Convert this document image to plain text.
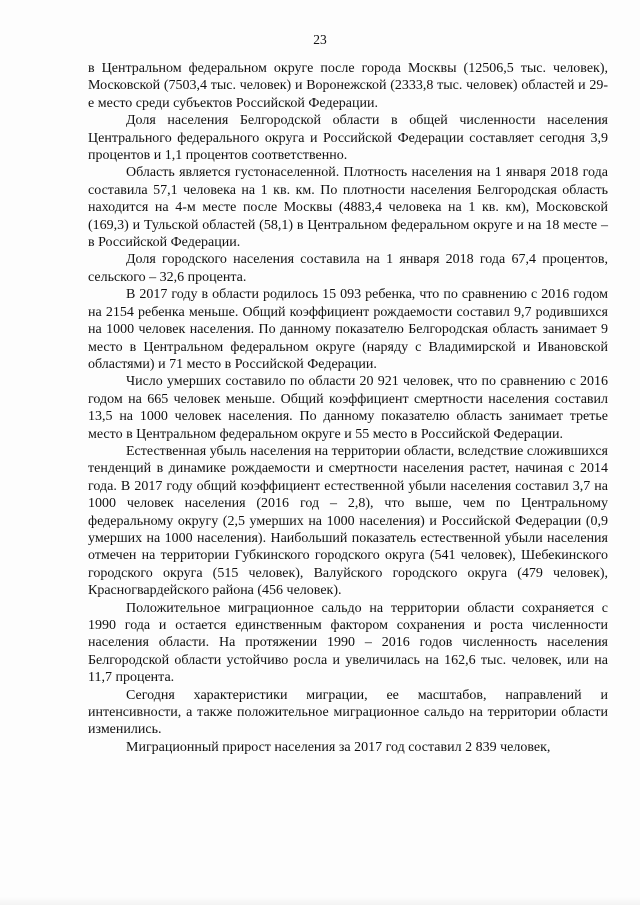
23

в Центральном федеральном округе после города Москвы (12506,5 тыс. человек), Московской (7503,4 тыс. человек) и Воронежской (2333,8 тыс. человек) областей и 29-е место среди субъектов Российской Федерации.

Доля населения Белгородской области в общей численности населения Центрального федерального округа и Российской Федерации составляет сегодня 3,9 процентов и 1,1 процентов соответственно.

Область является густонаселенной. Плотность населения на 1 января 2018 года составила 57,1 человека на 1 кв. км. По плотности населения Белгородская область находится на 4-м месте после Москвы (4883,4 человека на 1 кв. км), Московской (169,3) и Тульской областей (58,1) в Центральном федеральном округе и на 18 месте – в Российской Федерации.

Доля городского населения составила на 1 января 2018 года 67,4 процентов, сельского – 32,6 процента.

В 2017 году в области родилось 15 093 ребенка, что по сравнению с 2016 годом на 2154 ребенка меньше. Общий коэффициент рождаемости составил 9,7 родившихся на 1000 человек населения. По данному показателю Белгородская область занимает 9 место в Центральном федеральном округе (наряду с Владимирской и Ивановской областями) и 71 место в Российской Федерации.

Число умерших составило по области 20 921 человек, что по сравнению с 2016 годом на 665 человек меньше. Общий коэффициент смертности населения составил 13,5 на 1000 человек населения. По данному показателю область занимает третье место в Центральном федеральном округе и 55 место в Российской Федерации.

Естественная убыль населения на территории области, вследствие сложившихся тенденций в динамике рождаемости и смертности населения растет, начиная с 2014 года. В 2017 году общий коэффициент естественной убыли населения составил 3,7 на 1000 человек населения (2016 год – 2,8), что выше, чем по Центральному федеральному округу (2,5 умерших на 1000 населения) и Российской Федерации (0,9 умерших на 1000 населения). Наибольший показатель естественной убыли населения отмечен на территории Губкинского городского округа (541 человек), Шебекинского городского округа (515 человек), Валуйского городского округа (479 человек), Красногвардейского района (456 человек).

Положительное миграционное сальдо на территории области сохраняется с 1990 года и остается единственным фактором сохранения и роста численности населения области. На протяжении 1990 – 2016 годов численность населения Белгородской области устойчиво росла и увеличилась на 162,6 тыс. человек, или на 11,7 процента.

Сегодня характеристики миграции, ее масштабов, направлений и интенсивности, а также положительное миграционное сальдо на территории области изменились.

Миграционный прирост населения за 2017 год составил 2 839 человек,
